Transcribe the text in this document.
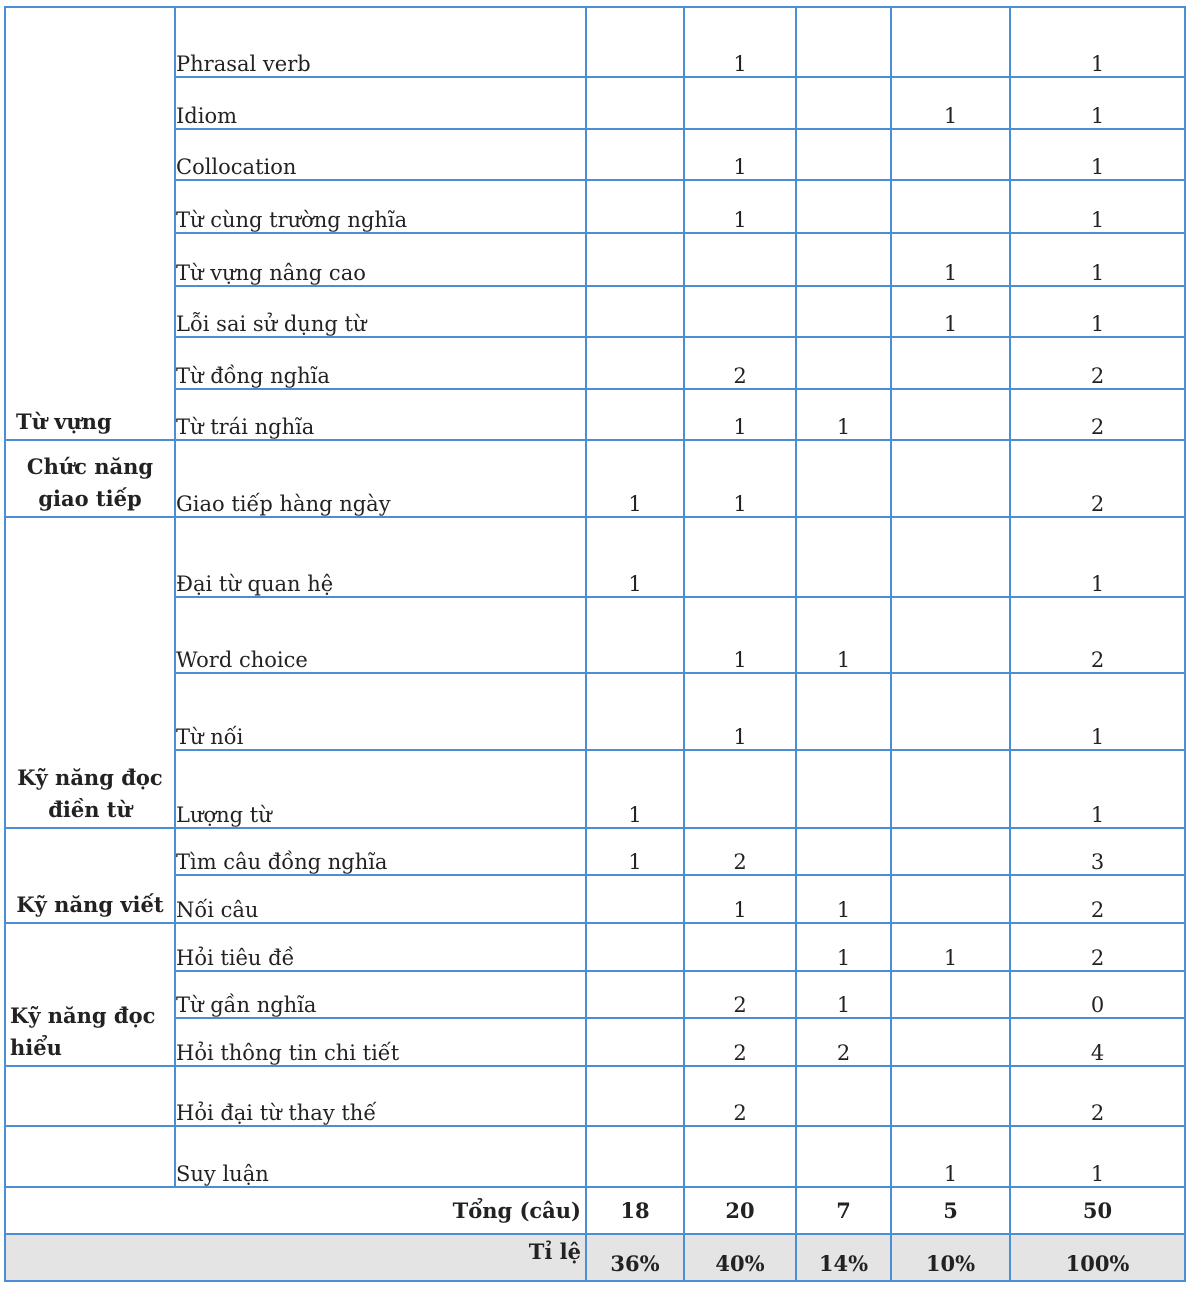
Từ vựng	Phrasal verb		1			1
	Idiom				1	1
	Collocation		1			1
	Từ cùng trường nghĩa		1			1
	Từ vựng nâng cao				1	1
	Lỗi sai sử dụng từ				1	1
	Từ đồng nghĩa		2			2
	Từ trái nghĩa		1	1		2
Chức năng giao tiếp	Giao tiếp hàng ngày	1	1			2
Kỹ năng đọc điền từ	Đại từ quan hệ	1				1
	Word choice		1	1		2
	Từ nối		1			1
	Lượng từ	1				1
Kỹ năng viết	Tìm câu đồng nghĩa	1	2			3
	Nối câu		1	1		2
Kỹ năng đọc hiểu	Hỏi tiêu đề			1	1	2
	Từ gần nghĩa		2	1		0
	Hỏi thông tin chi tiết		2	2		4
	Hỏi đại từ thay thế		2			2
	Suy luận				1	1
Tổng (câu)		18	20	7	5	50
Tỉ lệ		36%	40%	14%	10%	100%
